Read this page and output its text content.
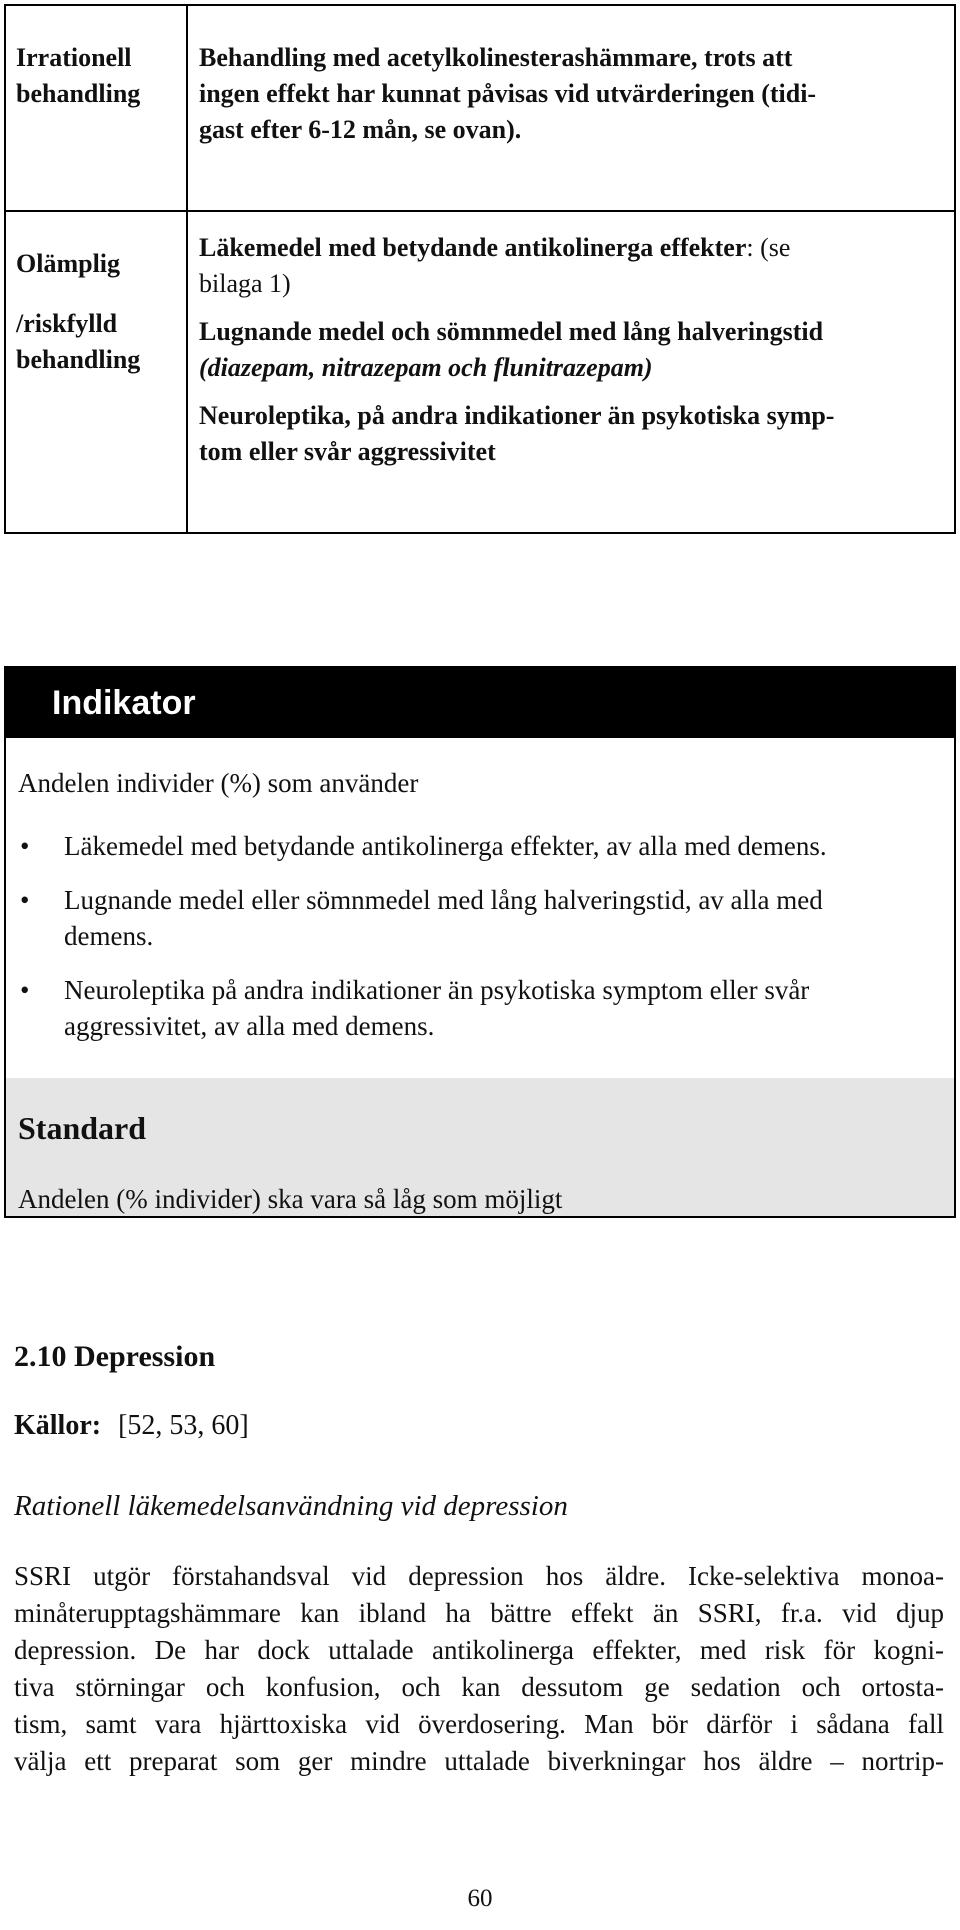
Irrationell
behandling
Behandling med acetylkolinesterashämmare, trots att
ingen effekt har kunnat påvisas vid utvärderingen (tidi-
gast efter 6-12 mån, se ovan).
Olämplig
/riskfylld
behandling

Läkemedel med betydande antikolinerga effekter: (se
bilaga 1)

Lugnande medel och sömnmedel med lång halveringstid
(diazepam, nitrazepam och flunitrazepam)

Neuroleptika, på andra indikationer än psykotiska symp-
tom eller svår aggressivitet

Indikator
Andelen individer (%) som använder
• Läkemedel med betydande antikolinerga effekter, av alla med demens.
• Lugnande medel eller sömnmedel med lång halveringstid, av alla med
demens.
• Neuroleptika på andra indikationer än psykotiska symptom eller svår
aggressivitet, av alla med demens.
Standard
Andelen (% individer) ska vara så låg som möjligt
2.10 Depression
Källor: [52, 53, 60]
Rationell läkemedelsanvändning vid depression
SSRI utgör förstahandsval vid depression hos äldre. Icke-selektiva monoa-
minåterupptagshämmare kan ibland ha bättre effekt än SSRI, fr.a. vid djup
depression. De har dock uttalade antikolinerga effekter, med risk för kogni-
tiva störningar och konfusion, och kan dessutom ge sedation och ortosta-
tism, samt vara hjärttoxiska vid överdosering. Man bör därför i sådana fall
välja ett preparat som ger mindre uttalade biverkningar hos äldre – nortrip-
60
